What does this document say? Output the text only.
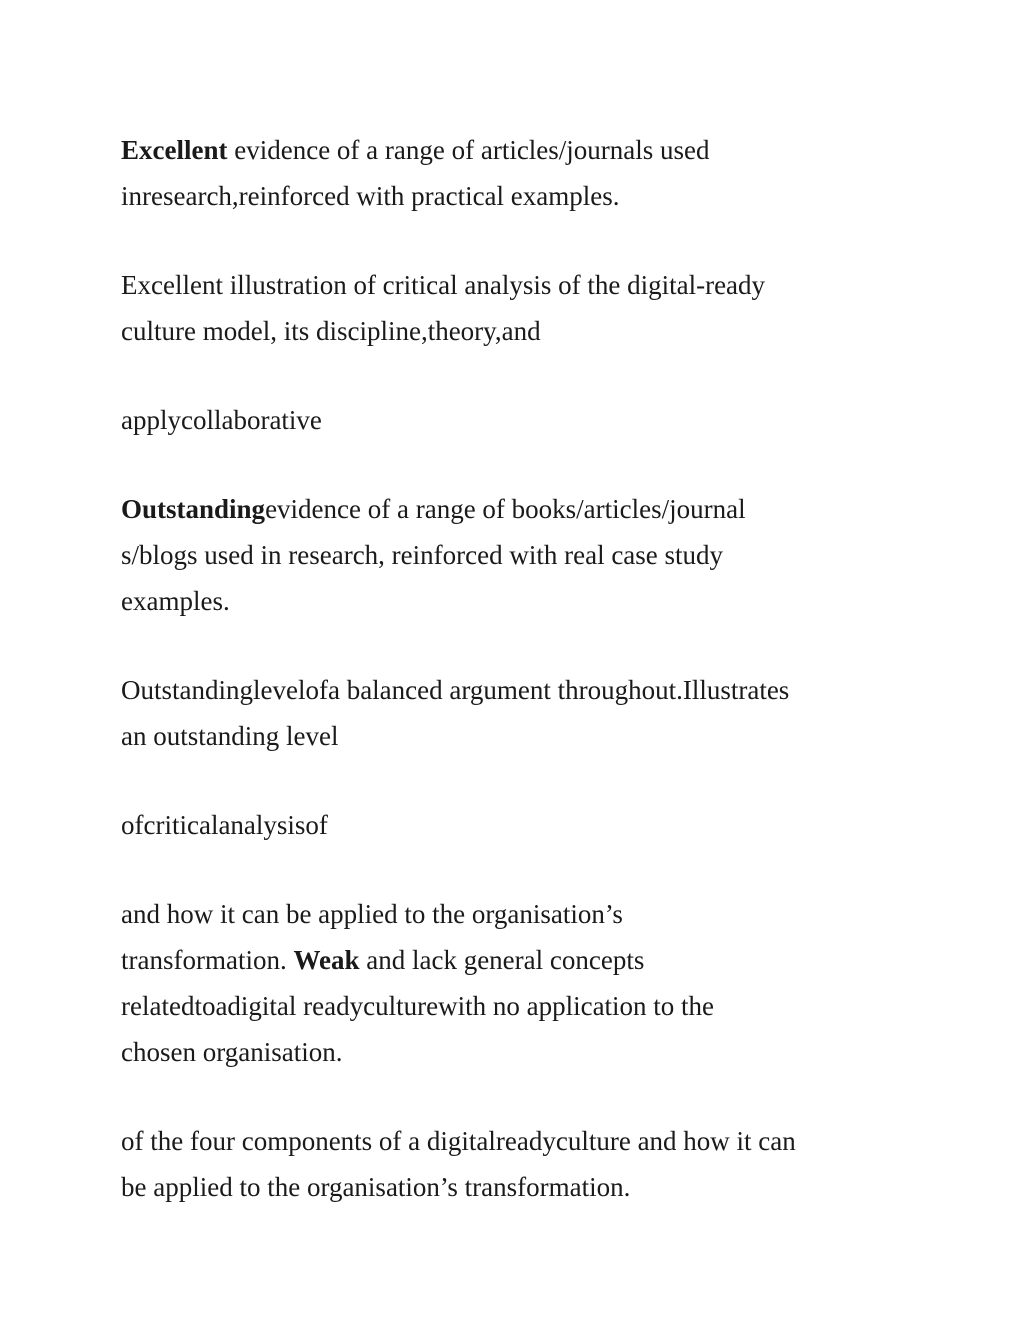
Excellent evidence of a range of articles/journals used
inresearch,reinforced with practical examples.

Excellent illustration of critical analysis of the digital-ready
culture model, its discipline,theory,and

applycollaborative

Outstandingevidence of a range of books/articles/journal
s/blogs used in research, reinforced with real case study
examples.

Outstandinglevelofa balanced argument throughout.Illustrates
an outstanding level

ofcriticalanalysisof

and how it can be applied to the organisation’s
transformation. Weak and lack general concepts
relatedtoadigital readyculturewith no application to the
chosen organisation.

of the four components of a digitalreadyculture and how it can
be applied to the organisation’s transformation.
